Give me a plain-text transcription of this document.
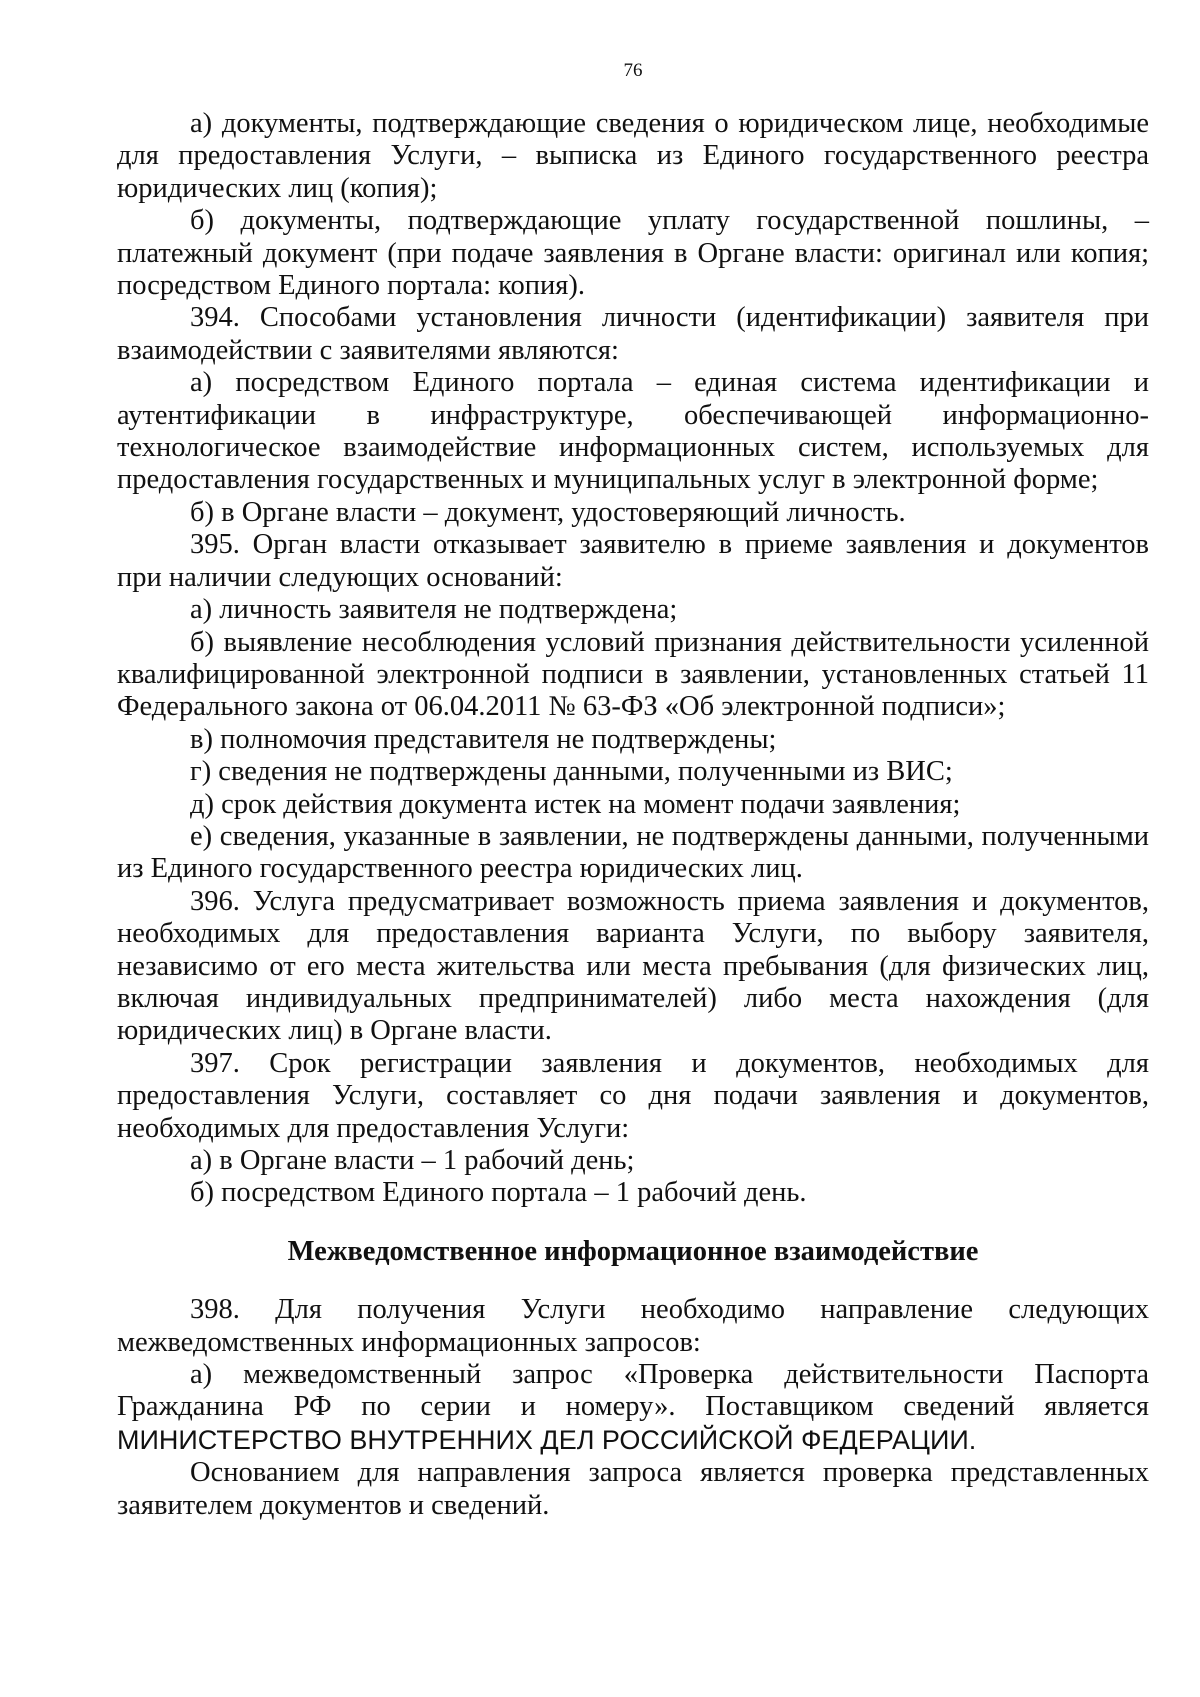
76

а) документы, подтверждающие сведения о юридическом лице, необходимые для предоставления Услуги, – выписка из Единого государственного реестра юридических лиц (копия);

б) документы, подтверждающие уплату государственной пошлины, – платежный документ (при подаче заявления в Органе власти: оригинал или копия; посредством Единого портала: копия).

394. Способами установления личности (идентификации) заявителя при взаимодействии с заявителями являются:

а) посредством Единого портала – единая система идентификации и аутентификации в инфраструктуре, обеспечивающей информационно-технологическое взаимодействие информационных систем, используемых для предоставления государственных и муниципальных услуг в электронной форме;

б) в Органе власти – документ, удостоверяющий личность.

395. Орган власти отказывает заявителю в приеме заявления и документов при наличии следующих оснований:

а) личность заявителя не подтверждена;

б) выявление несоблюдения условий признания действительности усиленной квалифицированной электронной подписи в заявлении, установленных статьей 11 Федерального закона от 06.04.2011 № 63-ФЗ «Об электронной подписи»;

в) полномочия представителя не подтверждены;

г) сведения не подтверждены данными, полученными из ВИС;

д) срок действия документа истек на момент подачи заявления;

е) сведения, указанные в заявлении, не подтверждены данными, полученными из Единого государственного реестра юридических лиц.

396. Услуга предусматривает возможность приема заявления и документов, необходимых для предоставления варианта Услуги, по выбору заявителя, независимо от его места жительства или места пребывания (для физических лиц, включая индивидуальных предпринимателей) либо места нахождения (для юридических лиц) в Органе власти.

397. Срок регистрации заявления и документов, необходимых для предоставления Услуги, составляет со дня подачи заявления и документов, необходимых для предоставления Услуги:

а) в Органе власти – 1 рабочий день;

б) посредством Единого портала – 1 рабочий день.

Межведомственное информационное взаимодействие

398. Для получения Услуги необходимо направление следующих межведомственных информационных запросов:

а) межведомственный запрос «Проверка действительности Паспорта Гражданина РФ по серии и номеру». Поставщиком сведений является МИНИСТЕРСТВО ВНУТРЕННИХ ДЕЛ РОССИЙСКОЙ ФЕДЕРАЦИИ.

Основанием для направления запроса является проверка представленных заявителем документов и сведений.
